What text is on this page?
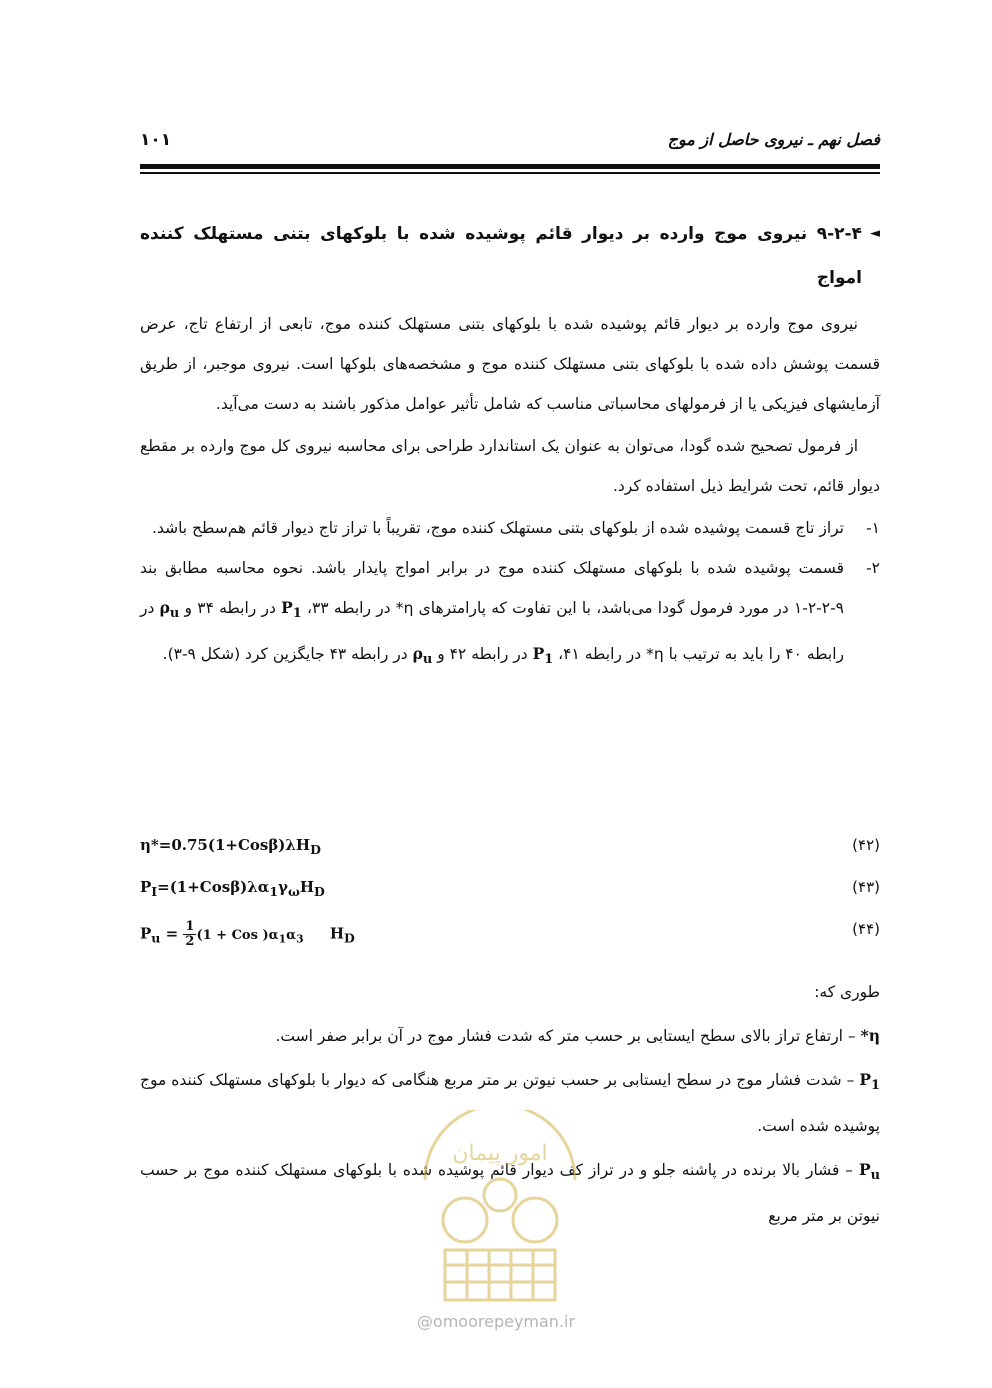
فصل نهم ـ نیروی حاصل از موج
۱۰۱
◄
۹-۲-۴ نیروی موج وارده بر دیوار قائم پوشیده شده با بلوکهای بتنی مستهلک کننده امواج

نیروی موج وارده بر دیوار قائم پوشیده شده با بلوکهای بتنی مستهلک کننده موج، تابعی از ارتفاع تاج، عرض قسمت پوشش داده شده با بلوکهای بتنی مستهلک کننده موج و مشخصه‌های بلوکها است. نیروی موجبر، از طریق آزمایشهای فیزیکی یا از فرمولهای محاسباتی مناسب که شامل تأثیر عوامل مذکور باشند به دست می‌آید.

از فرمول تصحیح شده گودا، می‌توان به عنوان یک استاندارد طراحی برای محاسبه نیروی کل موج وارده بر مقطع دیوار قائم، تحت شرایط ذیل استفاده کرد.

۱-
تراز تاج قسمت پوشیده شده از بلوکهای بتنی مستهلک کننده موج، تقریباً با تراز تاج دیوار قائم هم‌سطح باشد.
۲-
قسمت پوشیده شده با بلوکهای مستهلک کننده موج در برابر امواج پایدار باشد. نحوه محاسبه مطابق بند ۹-۲-۲-۱ در مورد فرمول گودا می‌باشد، با این تفاوت که پارامترهای η* در رابطه ۳۳، $P_1$ در رابطه ۳۴ و $\rho_u$ در رابطه ۴۰ را باید به ترتیب با η* در رابطه ۴۱، $P_1$ در رابطه ۴۲ و $\rho_u$ در رابطه ۴۳ جایگزین کرد (شکل ۹-۳).
$\eta*=0.75(1+Cos\beta)\lambda H_D$	(۴۲)
$P_I=(1+Cos\beta)\lambda\alpha_1\gamma_\omega H_D$	(۴۳)
$P_u = \frac{1}{2} (1$ + Cos )$\alpha_1\alpha_3$ $H_D$	(۴۴)

طوری که:

η* – ارتفاع تراز بالای سطح ایستابی بر حسب متر که شدت فشار موج در آن برابر صفر است.

$P_1$ – شدت فشار موج در سطح ایستابی بر حسب نیوتن بر متر مربع هنگامی که دیوار با بلوکهای مستهلک کننده موج پوشیده شده است.

$P_u$ – فشار بالا برنده در پاشنه جلو و در تراز کف دیوار قائم پوشیده شده با بلوکهای مستهلک کننده موج بر حسب نیوتن بر متر مربع

امور پیمان
@omoorepeyman.ir
